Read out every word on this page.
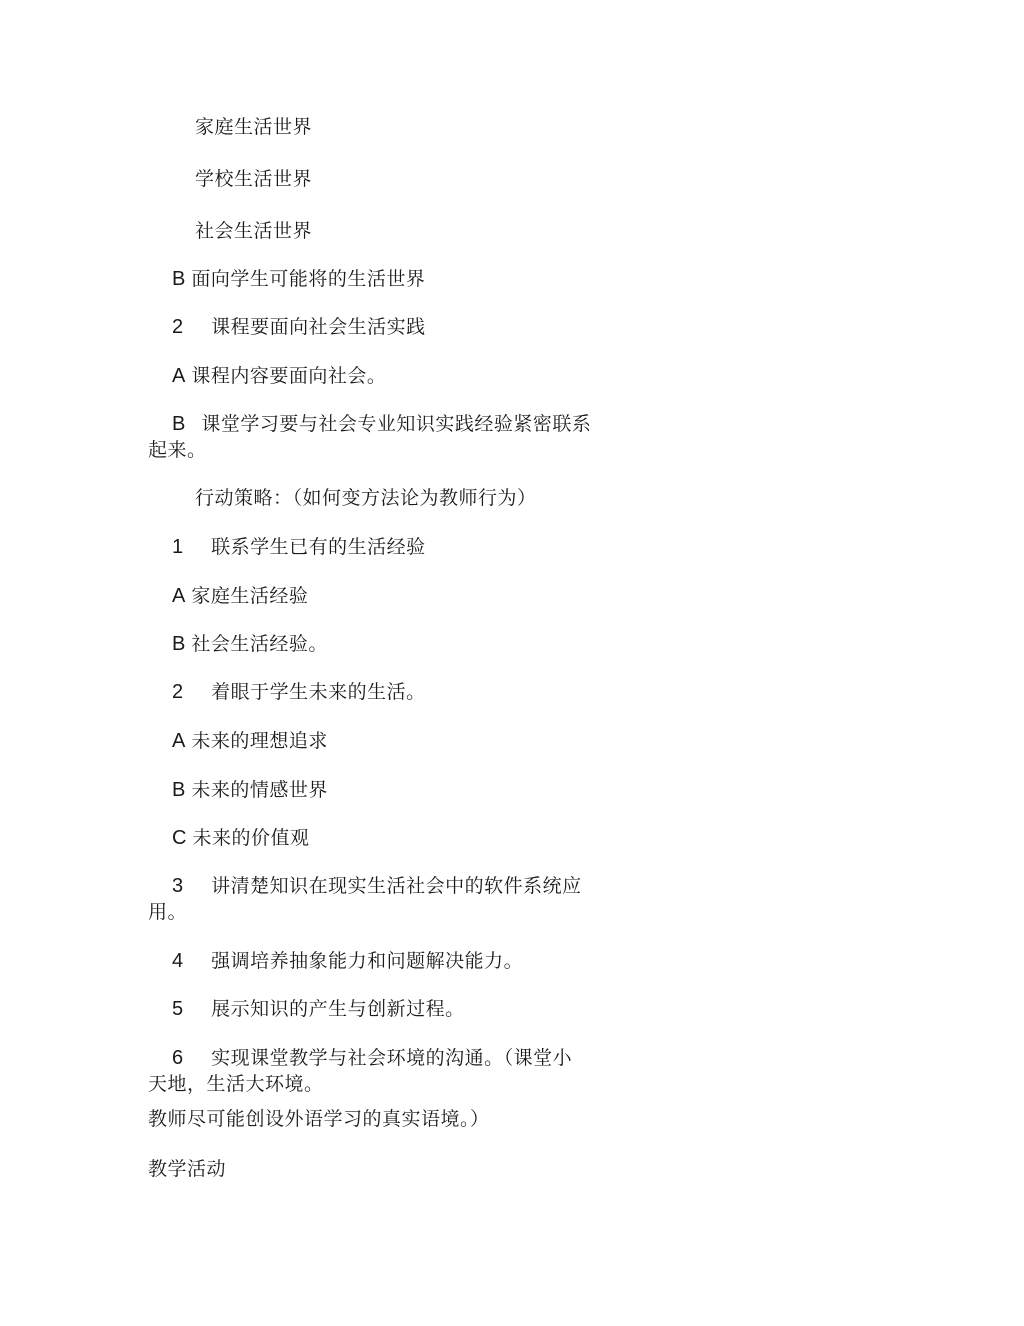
家庭生活世界
学校生活世界
社会生活世界
B 面向学生可能将的生活世界
2 课程要面向社会生活实践
A 课程内容要面向社会。
B 课堂学习要与社会专业知识实践经验紧密联系
起来。
行动策略：（如何变方法论为教师行为）
1 联系学生已有的生活经验
A 家庭生活经验
B 社会生活经验。
2 着眼于学生未来的生活。
A 未来的理想追求
B 未来的情感世界
C 未来的价值观
3 讲清楚知识在现实生活社会中的软件系统应
用。
4 强调培养抽象能力和问题解决能力。
5 展示知识的产生与创新过程。
6 实现课堂教学与社会环境的沟通。（课堂小
天地，生活大环境。
教师尽可能创设外语学习的真实语境。）
教学活动
